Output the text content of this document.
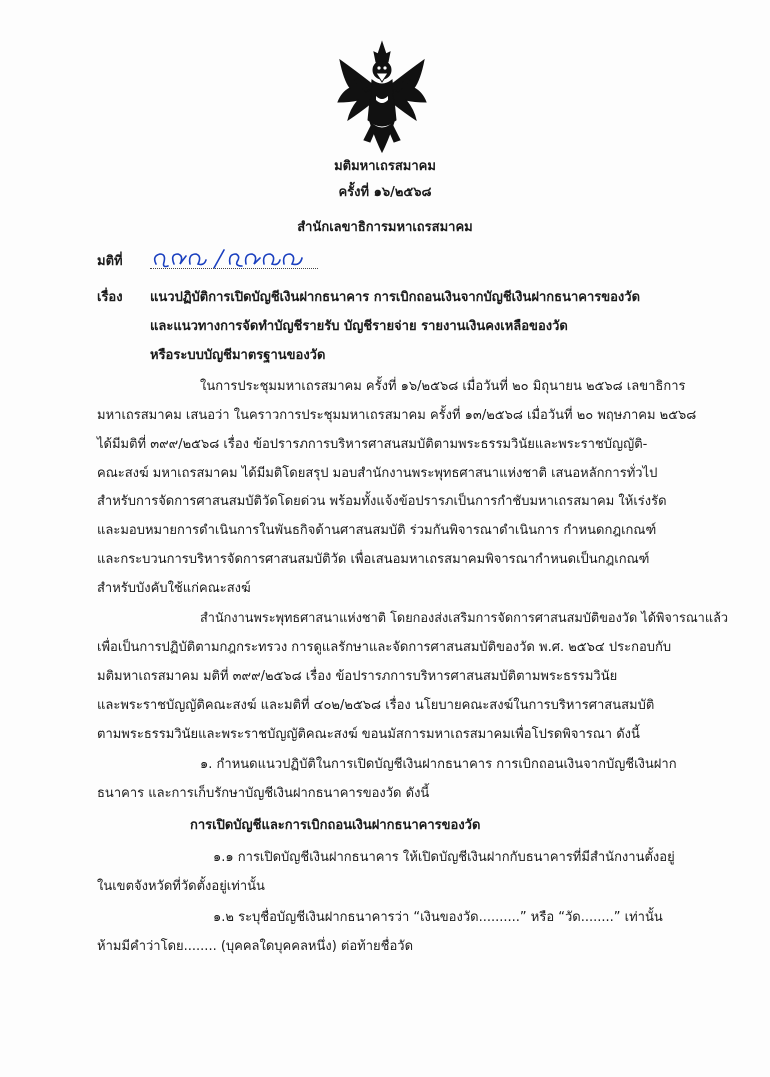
มติมหาเถรสมาคม
ครั้งที่ ๑๖/๒๕๖๘
สำนักเลขาธิการมหาเถรสมาคม
มติที่
เรื่อง แนวปฏิบัติการเปิดบัญชีเงินฝากธนาคาร การเบิกถอนเงินจากบัญชีเงินฝากธนาคารของวัด
และแนวทางการจัดทำบัญชีรายรับ บัญชีรายจ่าย รายงานเงินคงเหลือของวัด
หรือระบบบัญชีมาตรฐานของวัด
ในการประชุมมหาเถรสมาคม ครั้งที่ ๑๖/๒๕๖๘ เมื่อวันที่ ๒๐ มิถุนายน ๒๕๖๘ เลขาธิการ
มหาเถรสมาคม เสนอว่า ในคราวการประชุมมหาเถรสมาคม ครั้งที่ ๑๓/๒๕๖๘ เมื่อวันที่ ๒๐ พฤษภาคม ๒๕๖๘
ได้มีมติที่ ๓๙๙/๒๕๖๘ เรื่อง ข้อปรารภการบริหารศาสนสมบัติตามพระธรรมวินัยและพระราชบัญญัติ-
คณะสงฆ์ มหาเถรสมาคม ได้มีมติโดยสรุป มอบสำนักงานพระพุทธศาสนาแห่งชาติ เสนอหลักการทั่วไป
สำหรับการจัดการศาสนสมบัติวัดโดยด่วน พร้อมทั้งแจ้งข้อปรารภเป็นการกำชับมหาเถรสมาคม ให้เร่งรัด
และมอบหมายการดำเนินการในพันธกิจด้านศาสนสมบัติ ร่วมกันพิจารณาดำเนินการ กำหนดกฎเกณฑ์
และกระบวนการบริหารจัดการศาสนสมบัติวัด เพื่อเสนอมหาเถรสมาคมพิจารณากำหนดเป็นกฎเกณฑ์
สำหรับบังคับใช้แก่คณะสงฆ์
สำนักงานพระพุทธศาสนาแห่งชาติ โดยกองส่งเสริมการจัดการศาสนสมบัติของวัด ได้พิจารณาแล้ว
เพื่อเป็นการปฏิบัติตามกฎกระทรวง การดูแลรักษาและจัดการศาสนสมบัติของวัด พ.ศ. ๒๕๖๔ ประกอบกับ
มติมหาเถรสมาคม มติที่ ๓๙๙/๒๕๖๘ เรื่อง ข้อปรารภการบริหารศาสนสมบัติตามพระธรรมวินัย
และพระราชบัญญัติคณะสงฆ์ และมติที่ ๔๐๒/๒๕๖๘ เรื่อง นโยบายคณะสงฆ์ในการบริหารศาสนสมบัติ
ตามพระธรรมวินัยและพระราชบัญญัติคณะสงฆ์ ขอนมัสการมหาเถรสมาคมเพื่อโปรดพิจารณา ดังนี้
๑. กำหนดแนวปฏิบัติในการเปิดบัญชีเงินฝากธนาคาร การเบิกถอนเงินจากบัญชีเงินฝาก
ธนาคาร และการเก็บรักษาบัญชีเงินฝากธนาคารของวัด ดังนี้
การเปิดบัญชีและการเบิกถอนเงินฝากธนาคารของวัด
๑.๑ การเปิดบัญชีเงินฝากธนาคาร ให้เปิดบัญชีเงินฝากกับธนาคารที่มีสำนักงานตั้งอยู่
ในเขตจังหวัดที่วัดตั้งอยู่เท่านั้น
๑.๒ ระบุชื่อบัญชีเงินฝากธนาคารว่า “เงินของวัด..........” หรือ “วัด........” เท่านั้น
ห้ามมีคำว่าโดย........ (บุคคลใดบุคคลหนึ่ง) ต่อท้ายชื่อวัด
